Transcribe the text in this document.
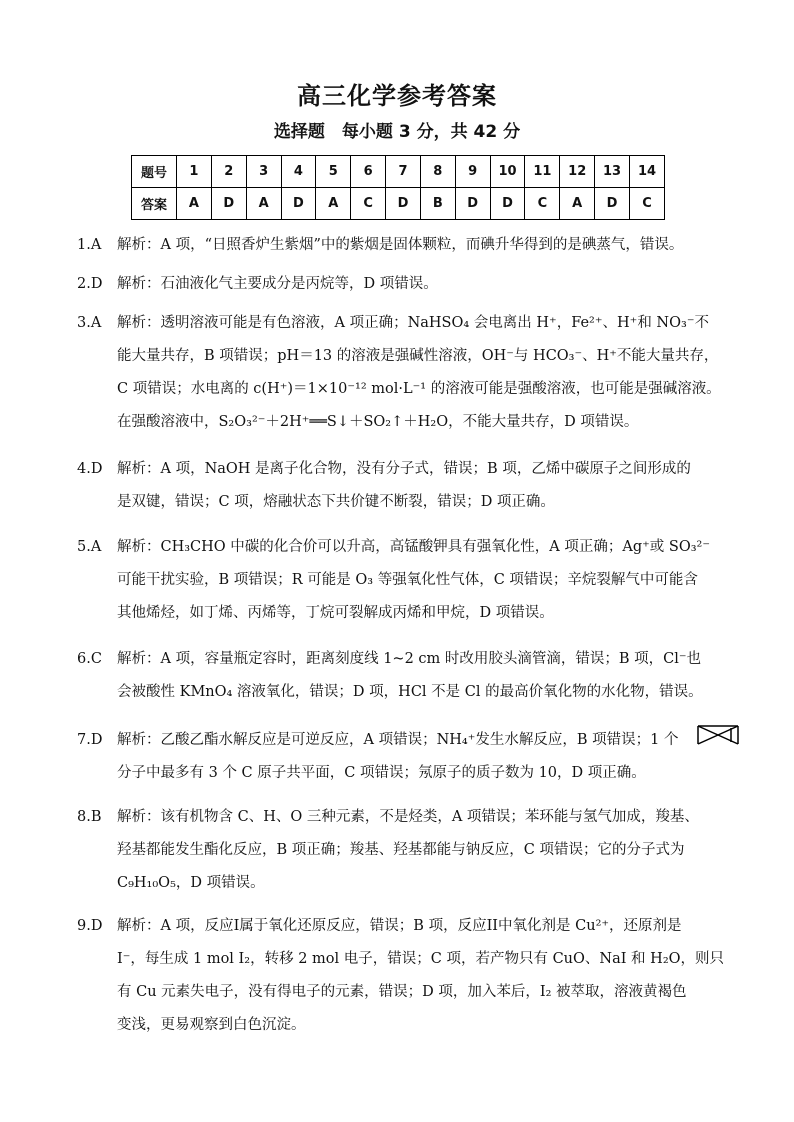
高三化学参考答案
选择题　每小题 3 分，共 42 分
题号	1	2	3	4	5	6	7	8	9	10	11	12	13	14
答案	A	D	A	D	A	C	D	B	D	D	C	A	D	C
1.A	解析：A 项，“日照香炉生紫烟”中的紫烟是固体颗粒，而碘升华得到的是碘蒸气，错误。
2.D	解析：石油液化气主要成分是丙烷等，D 项错误。
3.A	解析：透明溶液可能是有色溶液，A 项正确；NaHSO₄ 会电离出 H⁺，Fe²⁺、H⁺和 NO₃⁻不
能大量共存，B 项错误；pH＝13 的溶液是强碱性溶液，OH⁻与 HCO₃⁻、H⁺不能大量共存，
C 项错误；水电离的 c(H⁺)＝1×10⁻¹² mol·L⁻¹ 的溶液可能是强酸溶液，也可能是强碱溶液。
在强酸溶液中，S₂O₃²⁻＋2H⁺══S↓＋SO₂↑＋H₂O，不能大量共存，D 项错误。
4.D	解析：A 项，NaOH 是离子化合物，没有分子式，错误；B 项，乙烯中碳原子之间形成的
是双键，错误；C 项，熔融状态下共价键不断裂，错误；D 项正确。
5.A	解析：CH₃CHO 中碳的化合价可以升高，高锰酸钾具有强氧化性，A 项正确；Ag⁺或 SO₃²⁻
可能干扰实验，B 项错误；R 可能是 O₃ 等强氧化性气体，C 项错误；辛烷裂解气中可能含
其他烯烃，如丁烯、丙烯等，丁烷可裂解成丙烯和甲烷，D 项错误。
6.C	解析：A 项，容量瓶定容时，距离刻度线 1~2 cm 时改用胶头滴管滴，错误；B 项，Cl⁻也
会被酸性 KMnO₄ 溶液氧化，错误；D 项，HCl 不是 Cl 的最高价氧化物的水化物，错误。
7.D	解析：乙酸乙酯水解反应是可逆反应，A 项错误；NH₄⁺发生水解反应，B 项错误；1 个
分子中最多有 3 个 C 原子共平面，C 项错误；氖原子的质子数为 10，D 项正确。
8.B	解析：该有机物含 C、H、O 三种元素，不是烃类，A 项错误；苯环能与氢气加成，羧基、
羟基都能发生酯化反应，B 项正确；羧基、羟基都能与钠反应，C 项错误；它的分子式为
C₉H₁₀O₅，D 项错误。
9.D	解析：A 项，反应I属于氧化还原反应，错误；B 项，反应II中氧化剂是 Cu²⁺，还原剂是
I⁻，每生成 1 mol I₂，转移 2 mol 电子，错误；C 项，若产物只有 CuO、NaI 和 H₂O，则只
有 Cu 元素失电子，没有得电子的元素，错误；D 项，加入苯后，I₂ 被萃取，溶液黄褐色
变浅，更易观察到白色沉淀。
